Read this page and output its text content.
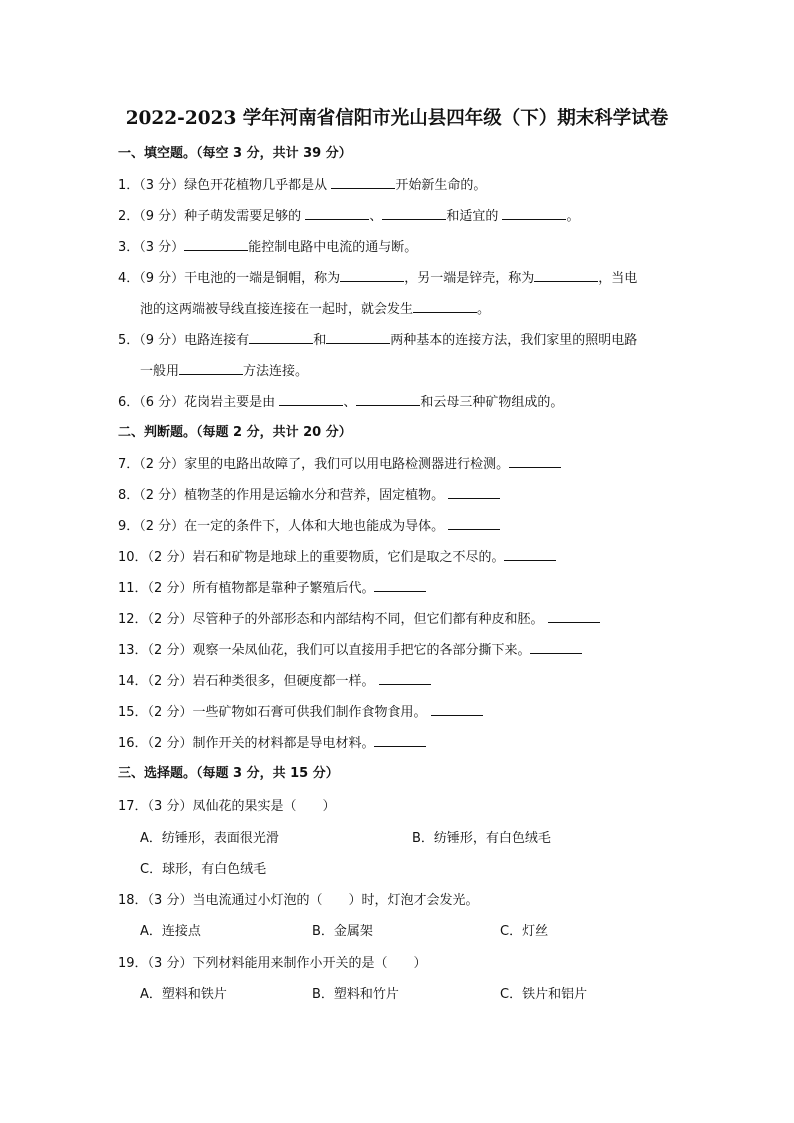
2022-2023 学年河南省信阳市光山县四年级（下）期末科学试卷
一、填空题。（每空 3 分，共计 39 分）
1．（3 分）绿色开花植物几乎都是从	开始新生命的。
2．（9 分）种子萌发需要足够的	、	和适宜的	。
3．（3 分）	能控制电路中电流的通与断。
4．（9 分）干电池的一端是铜帽，称为	，另一端是锌壳，称为	，当电
池的这两端被导线直接连接在一起时，就会发生	。
5．（9 分）电路连接有	和	两种基本的连接方法，我们家里的照明电路
一般用	方法连接。
6．（6 分）花岗岩主要是由	、	和云母三种矿物组成的。
二、判断题。（每题 2 分，共计 20 分）
7．（2 分）家里的电路出故障了，我们可以用电路检测器进行检测。
8．（2 分）植物茎的作用是运输水分和营养，固定植物。
9．（2 分）在一定的条件下，人体和大地也能成为导体。
10．（2 分）岩石和矿物是地球上的重要物质，它们是取之不尽的。
11．（2 分）所有植物都是靠种子繁殖后代。
12．（2 分）尽管种子的外部形态和内部结构不同，但它们都有种皮和胚。
13．（2 分）观察一朵凤仙花，我们可以直接用手把它的各部分撕下来。
14．（2 分）岩石种类很多，但硬度都一样。
15．（2 分）一些矿物如石膏可供我们制作食物食用。
16．（2 分）制作开关的材料都是导电材料。
三、选择题。（每题 3 分，共 15 分）
17．（3 分）凤仙花的果实是（　　）
A．纺锤形，表面很光滑	B．纺锤形，有白色绒毛
C．球形，有白色绒毛
18．（3 分）当电流通过小灯泡的（　　）时，灯泡才会发光。
A．连接点	B．金属架	C．灯丝
19．（3 分）下列材料能用来制作小开关的是（　　）
A．塑料和铁片	B．塑料和竹片	C．铁片和铝片
